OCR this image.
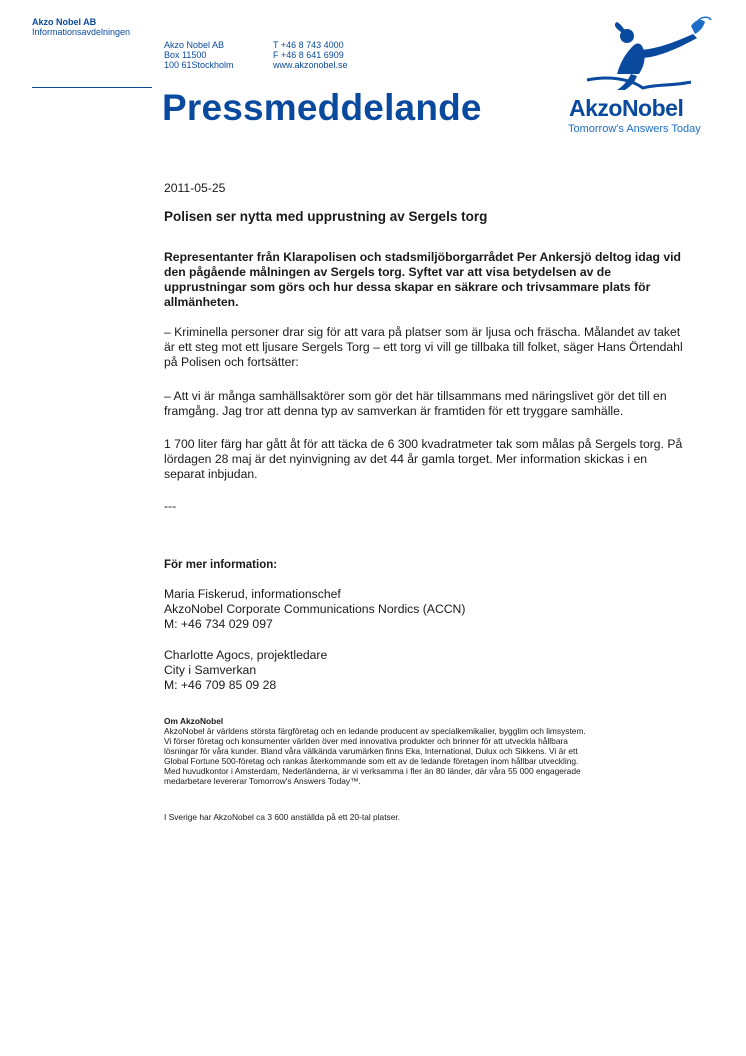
Akzo Nobel AB
Informationsavdelningen
Akzo Nobel AB
Box 11500
100 61Stockholm
T +46 8 743 4000
F +46 8 641 6909
www.akzonobel.se
Pressmeddelande	AkzoNobel
Tomorrow's Answers Today
2011-05-25
Polisen ser nytta med upprustning av Sergels torg

Representanter från Klarapolisen och stadsmiljöborgarrådet Per Ankersjö deltog idag vid den pågående målningen av Sergels torg. Syftet var att visa betydelsen av de upprustningar som görs och hur dessa skapar en säkrare och trivsammare plats för allmänheten.

– Kriminella personer drar sig för att vara på platser som är ljusa och fräscha. Målandet av taket är ett steg mot ett ljusare Sergels Torg – ett torg vi vill ge tillbaka till folket, säger Hans Örtendahl på Polisen och fortsätter:

– Att vi är många samhällsaktörer som gör det här tillsammans med näringslivet gör det till en framgång. Jag tror att denna typ av samverkan är framtiden för ett tryggare samhälle.

1 700 liter färg har gått åt för att täcka de 6 300 kvadratmeter tak som målas på Sergels torg. På lördagen 28 maj är det nyinvigning av det 44 år gamla torget. Mer information skickas i en separat inbjudan.

---
För mer information:
Maria Fiskerud, informationschef
AkzoNobel Corporate Communications Nordics (ACCN)
M: +46 734 029 097
Charlotte Agocs, projektledare
City i Samverkan
M: +46 709 85 09 28
Om AkzoNobel
AkzoNobel är världens största färgföretag och en ledande producent av specialkemikalier, bygglim och limsystem.
Vi förser företag och konsumenter världen över med innovativa produkter och brinner för att utveckla hållbara
lösningar för våra kunder. Bland våra välkända varumärken finns Eka, International, Dulux och Sikkens. Vi är ett
Global Fortune 500-företag och rankas återkommande som ett av de ledande företagen inom hållbar utveckling.
Med huvudkontor i Amsterdam, Nederländerna, är vi verksamma i fler än 80 länder, där våra 55 000 engagerade
medarbetare levererar Tomorrow's Answers Today™.
I Sverige har AkzoNobel ca 3 600 anställda på ett 20-tal platser.
